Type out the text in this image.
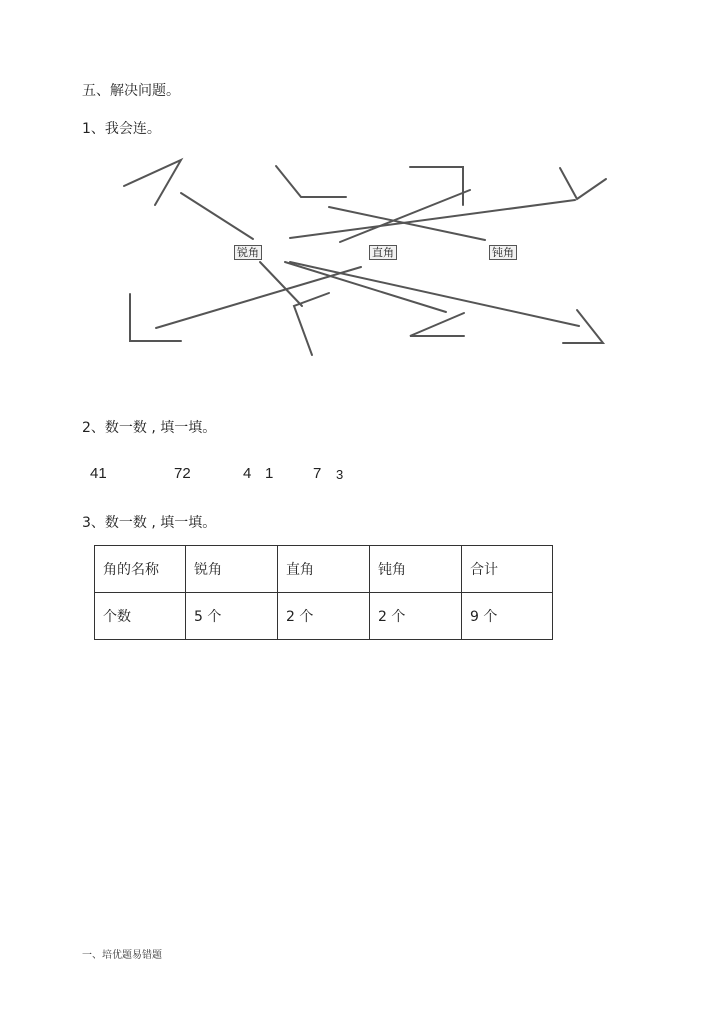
五、解决问题。
1、我会连。
锐角	直角	钝角
2、数一数 , 填一填。
41	72	4 1	7 3
3、数一数 , 填一填。
角的名称	锐角	直角	钝角	合计
个数	5 个	2 个	2 个	9 个
一、培优题易错题
